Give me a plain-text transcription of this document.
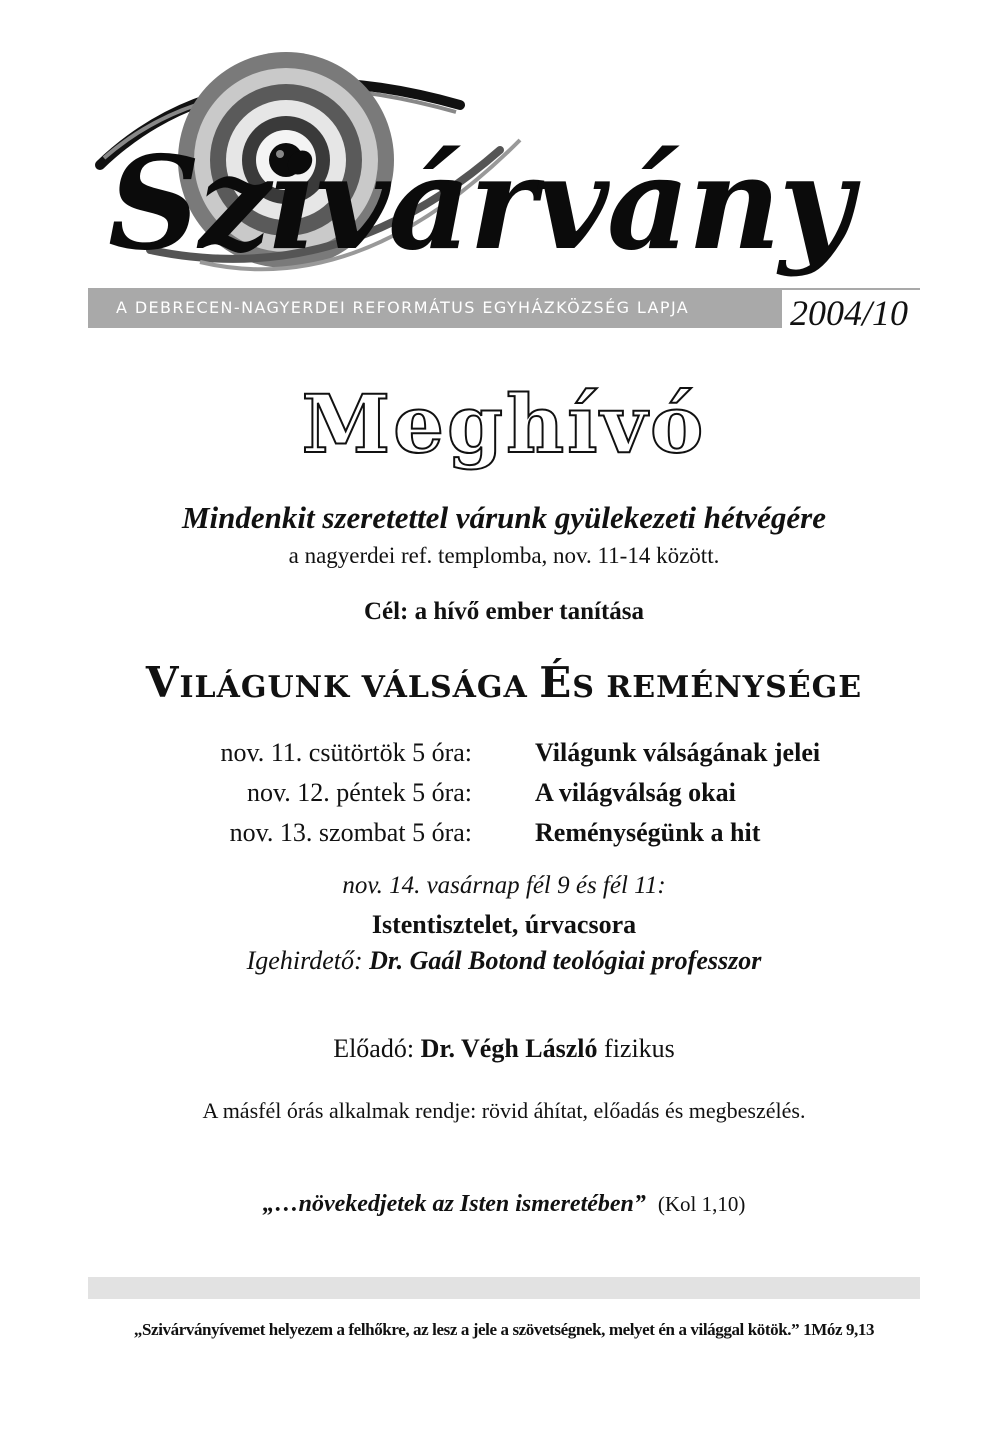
Szivárvány
A DEBRECEN-NAGYERDEI REFORMÁTUS EGYHÁZKÖZSÉG LAPJA	2004/10
Meghívó
Mindenkit szeretettel várunk gyülekezeti hétvégére
a nagyerdei ref. templomba, nov. 11-14 között.
Cél: a hívő ember tanítása
VILÁGUNK VÁLSÁGA ÉS REMÉNYSÉGE
nov. 11. csütörtök 5 óra: Világunk válságának jelei
nov. 12. péntek 5 óra: A világválság okai
nov. 13. szombat 5 óra: Reménységünk a hit
nov. 14. vasárnap fél 9 és fél 11:
Istentisztelet, úrvacsora
Igehirdető: Dr. Gaál Botond teológiai professzor
Előadó: Dr. Végh László fizikus
A másfél órás alkalmak rendje: rövid áhítat, előadás és megbeszélés.
„…növekedjetek az Isten ismeretében” (Kol 1,10)
„Szivárványívemet helyezem a felhőkre, az lesz a jele a szövetségnek, melyet én a világgal kötök.” 1Móz 9,13
